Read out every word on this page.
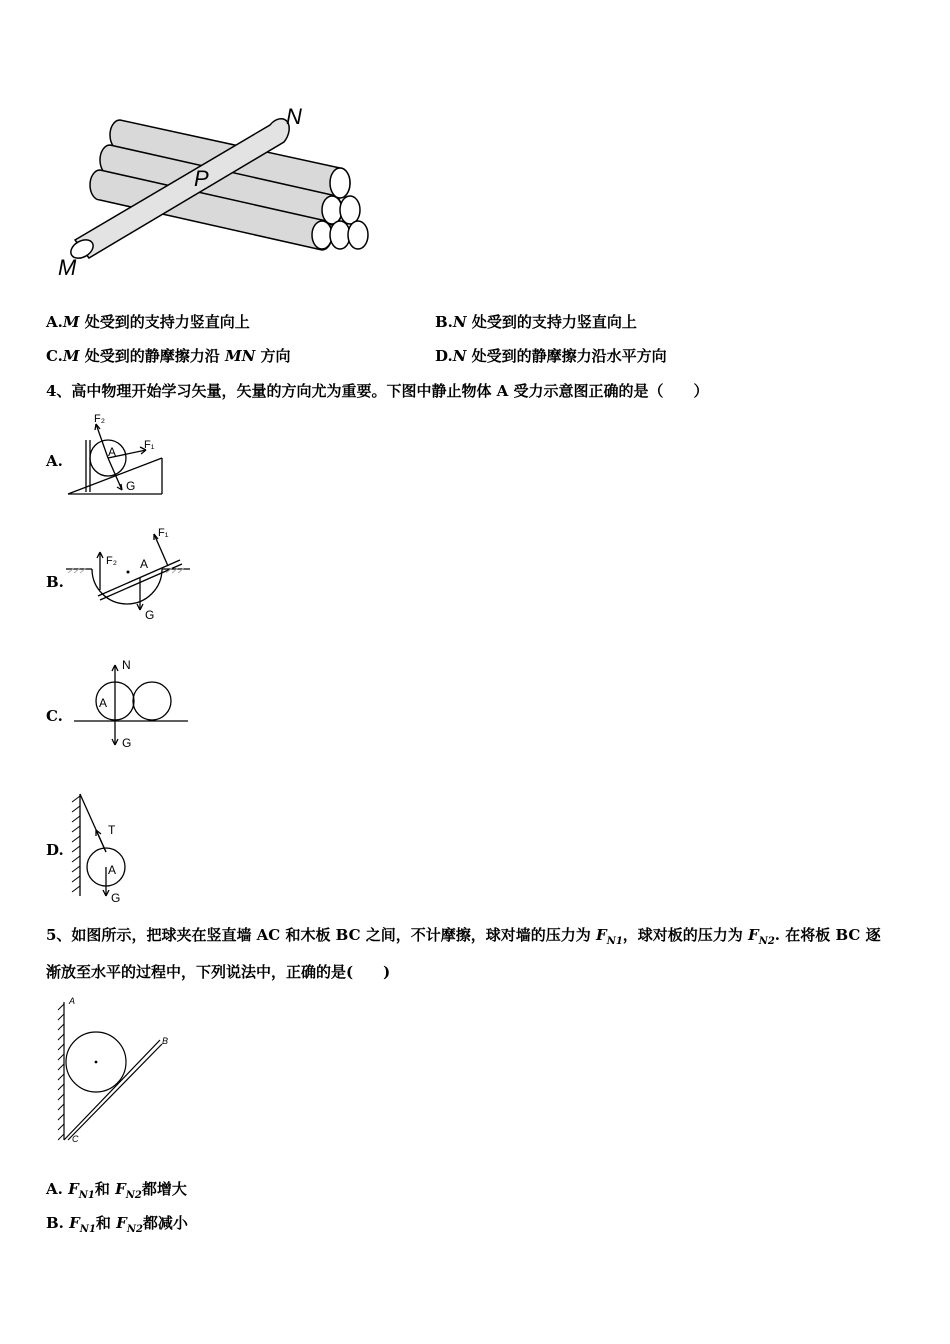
M
N
P
A.M 处受到的支持力竖直向上	B.N 处受到的支持力竖直向上
C.M 处受到的静摩擦力沿 MN 方向	D.N 处受到的静摩擦力沿水平方向
4、高中物理开始学习矢量，矢量的方向尤为重要。下图中静止物体 A 受力示意图正确的是（　　）
A.
F₂
F₁
A
G
B.
F₁
F₂ A
G
C.
N
A
G
D.
T
A
G
5、如图所示，把球夹在竖直墙 AC 和木板 BC 之间，不计摩擦，球对墙的压力为 $F_{N1}$，球对板的压力为 $F_{N2}$. 在将板 BC 逐
渐放至水平的过程中，下列说法中，正确的是(　　)
A
B
C
A. $F_{N1}$和 $F_{N2}$都增大
B. $F_{N1}$和 $F_{N2}$都减小
